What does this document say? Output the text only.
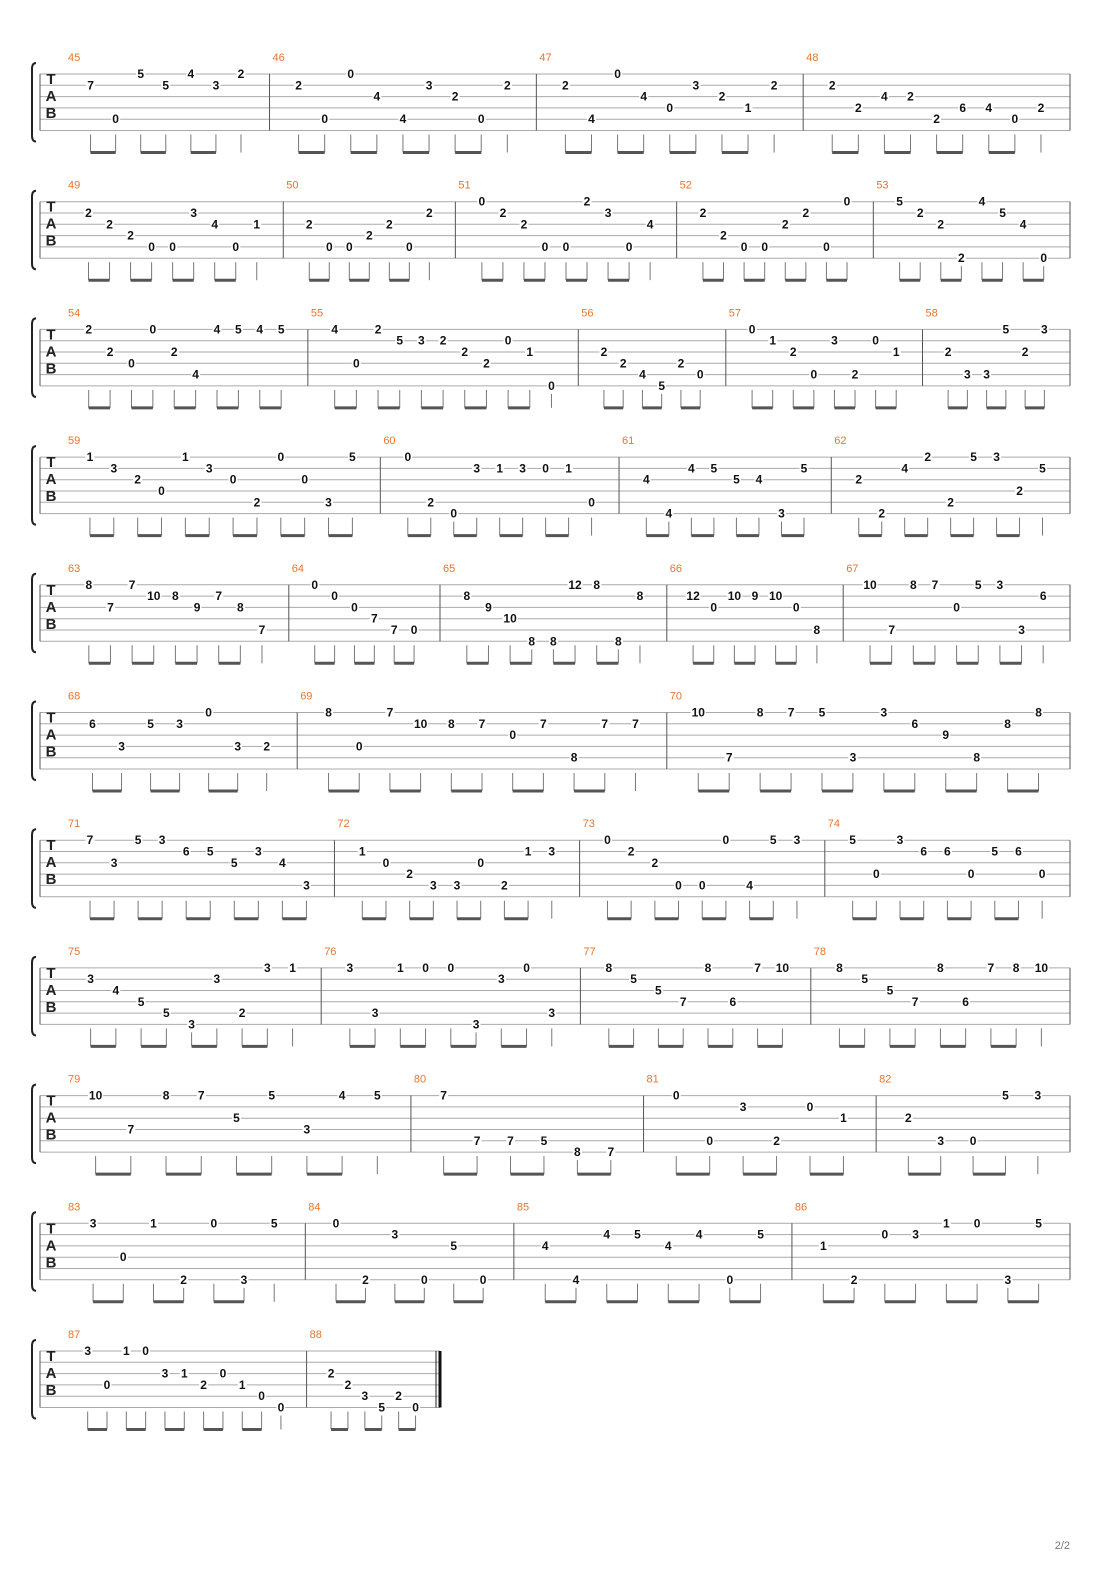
T
A
B
45
7
0
5
5
4
3
2
46
2
0
0
4
4
3
2
0
2
47
2
4
0
4
0
3
2
1
2
48
2
2
4 2
2
6 4
0
2
T
A
B
49
2
2
2
0 0
3
4
0
1
50
2
0 0
2
2
0
2
51
0
2
2
0 0
2
3
0
4
52
2
2
0 0
2
2
0
0
53
5
2
2
2
4
5
4
0
T
A
B
54
2
2
0
0
2
4
4 5 4 5
55
4
0
2
5 3 2
2
2
0
1
0
56
2
2
4
5
2
0
57
0
1
2
0
3
2
0
1
58
2
3 3
5
2
3
T
A
B
59
1
3
2
0
1
3
0
2
0
0
3
5
60
0
2
0
3 1 3 0 1
0
61
4
4
4 5
5 4
3
5
62
2
2
4
2
2
5 3
2
5
T
A
B
63
8
7
7
10 8
9
7
8
7
64
0
0
0
7
7 0
65
8
9
10
8 8
12 8
8
8
66
12
0
10 9 10
0
8
67
10
7
8 7
0
5 3
3
6
T
A
B
68
6
3
5 3
0
3 2
69
8
0
7
10 8 7
0
7
8
7 7
70
10
7
8 7 5
3
3
6
9
8
8
8
T
A
B
71
7
3
5 3
6 5
5
3
4
3
72
1
0
2
3 3
0
2
1 3
73
0
2
2
0 0
0
4
5 3
74
5
0
3
6 6
0
5 6
0
T
A
B
75
3
4
5
5
3
3
2
3 1
76
3
3
1 0 0
3
3
0
3
77
8
5
5
7
8
6
7 10
78
8
5
5
7
8
6
7 8 10
T
A
B
79
10
7
8 7
5
5
3
4 5
80
7
7 7 5
8 7
81
0
0
3
2
0
1
82
2
3 0
5 3
T
A
B
83
3
0
1
2
0
3
5
84
0
2
3
0
5
0
85
4
4
4 5
4
4
0
5
86
1
2
0 3
1 0
3
5
T
A
B
87
3
0
1 0
3 1
2
0
1
0
0
88
2
2
3
5
2
0
2/2
